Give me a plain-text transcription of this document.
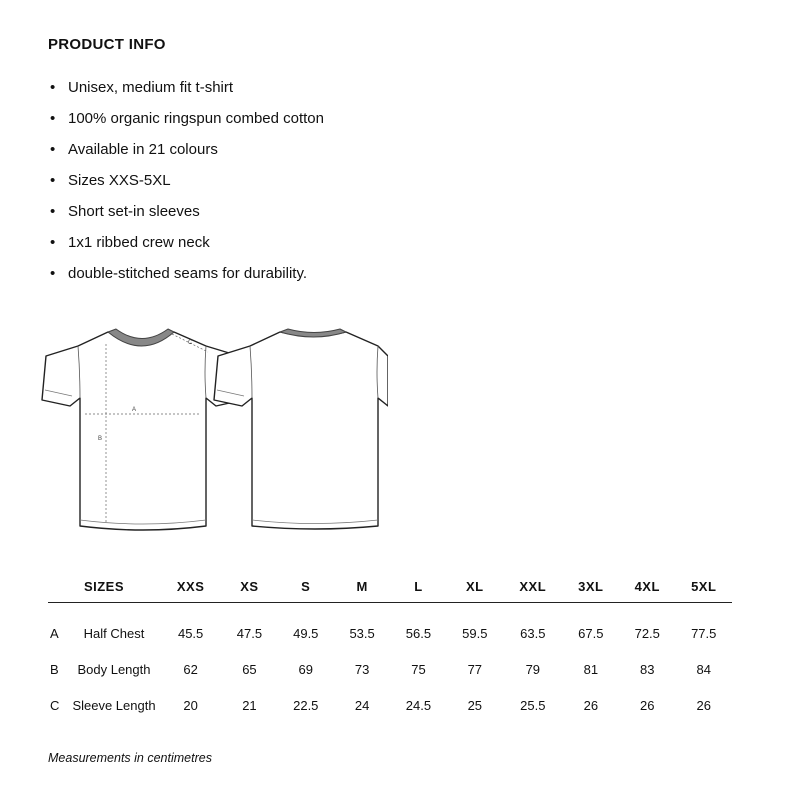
PRODUCT INFO
• Unisex, medium fit t-shirt
• 100% organic ringspun combed cotton
• Available in 21 colours
• Sizes XXS-5XL
• Short set-in sleeves
• 1x1 ribbed crew neck
• double-stitched seams for durability.
A
B
C
SIZES		XXS	XS	S	M	L	XL	XXL	3XL	4XL	5XL
A	Half Chest	45.5	47.5	49.5	53.5	56.5	59.5	63.5	67.5	72.5	77.5
B	Body Length	62	65	69	73	75	77	79	81	83	84
C	Sleeve Length	20	21	22.5	24	24.5	25	25.5	26	26	26

Measurements in centimetres
